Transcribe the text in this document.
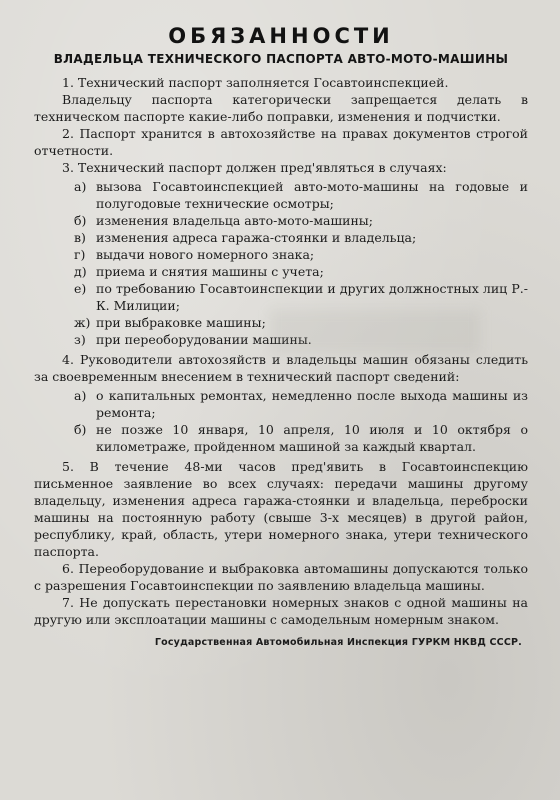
ОБЯЗАННОСТИ
ВЛАДЕЛЬЦА ТЕХНИЧЕСКОГО ПАСПОРТА АВТО-МОТО-МАШИНЫ

1. Технический паспорт заполняется Госавтоинспекцией.

Владельцу паспорта категорически запрещается делать в техническом паспорте какие-либо поправки, изменения и подчистки.

2. Паспорт хранится в автохозяйстве на правах документов строгой отчетности.

3. Технический паспорт должен пред'являться в случаях:

а) вызова Госавтоинспекцией авто-мото-машины на годовые и полугодовые технические осмотры;
б) изменения владельца авто-мото-машины;
в) изменения адреса гаража-стоянки и владельца;
г) выдачи нового номерного знака;
д) приема и снятия машины с учета;
е) по требованию Госавтоинспекции и других должностных лиц Р.-К. Милиции;
ж) при выбраковке машины;
з) при переоборудовании машины.

4. Руководители автохозяйств и владельцы машин обязаны следить за своевременным внесением в технический паспорт сведений:

а) о капитальных ремонтах, немедленно после выхода машины из ремонта;
б) не позже 10 января, 10 апреля, 10 июля и 10 октября о километраже, пройденном машиной за каждый квартал.

5. В течение 48-ми часов пред'явить в Госавтоинспекцию письменное заявление во всех случаях: передачи машины другому владельцу, изменения адреса гаража-стоянки и владельца, переброски машины на постоянную работу (свыше 3-х месяцев) в другой район, республику, край, область, утери номерного знака, утери технического паспорта.

6. Переоборудование и выбраковка автомашины допускаются только с разрешения Госавтоинспекции по заявлению владельца машины.

7. Не допускать перестановки номерных знаков с одной машины на другую или эксплоатации машины с самодельным номерным знаком.

Государственная Автомобильная Инспекция ГУРКМ НКВД СССР.
